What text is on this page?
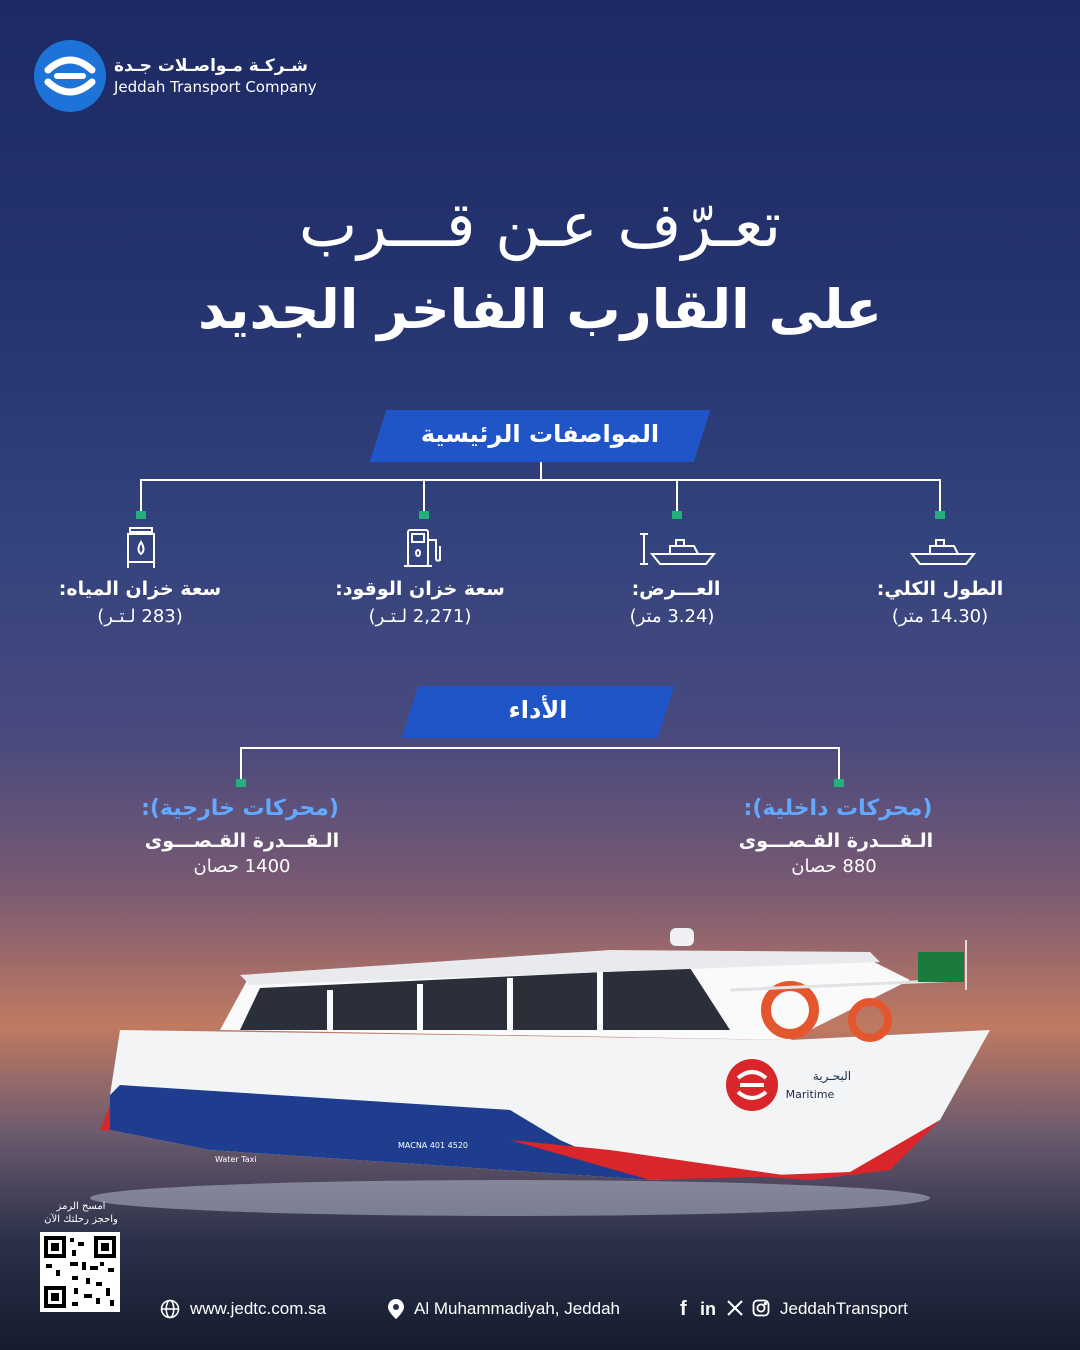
شـركـة مـواصـلات جـدة
Jeddah Transport Company
تعـرّف عـن قـــرب
على القارب الفاخر الجديد
المواصفات الرئيسية
الطول الكلي:
(14.30 متر)
العـــرض:
(3.24 متر)
سعة خزان الوقود:
(2,271 لـتـر)
سعة خزان المياه:
(283 لـتـر)
الأداء
(محركات داخلية):
الـقـــدرة القـصـــوى
880 حصان
(محركات خارجية):
الـقـــدرة القـصـــوى
1400 حصان
البحـرية
Maritime
Water Taxi
MACNA 401 4520
امسح الرمز
واحجز رحلتك الآن
www.jedtc.com.sa	Al Muhammadiyah, Jeddah	f in	JeddahTransport
